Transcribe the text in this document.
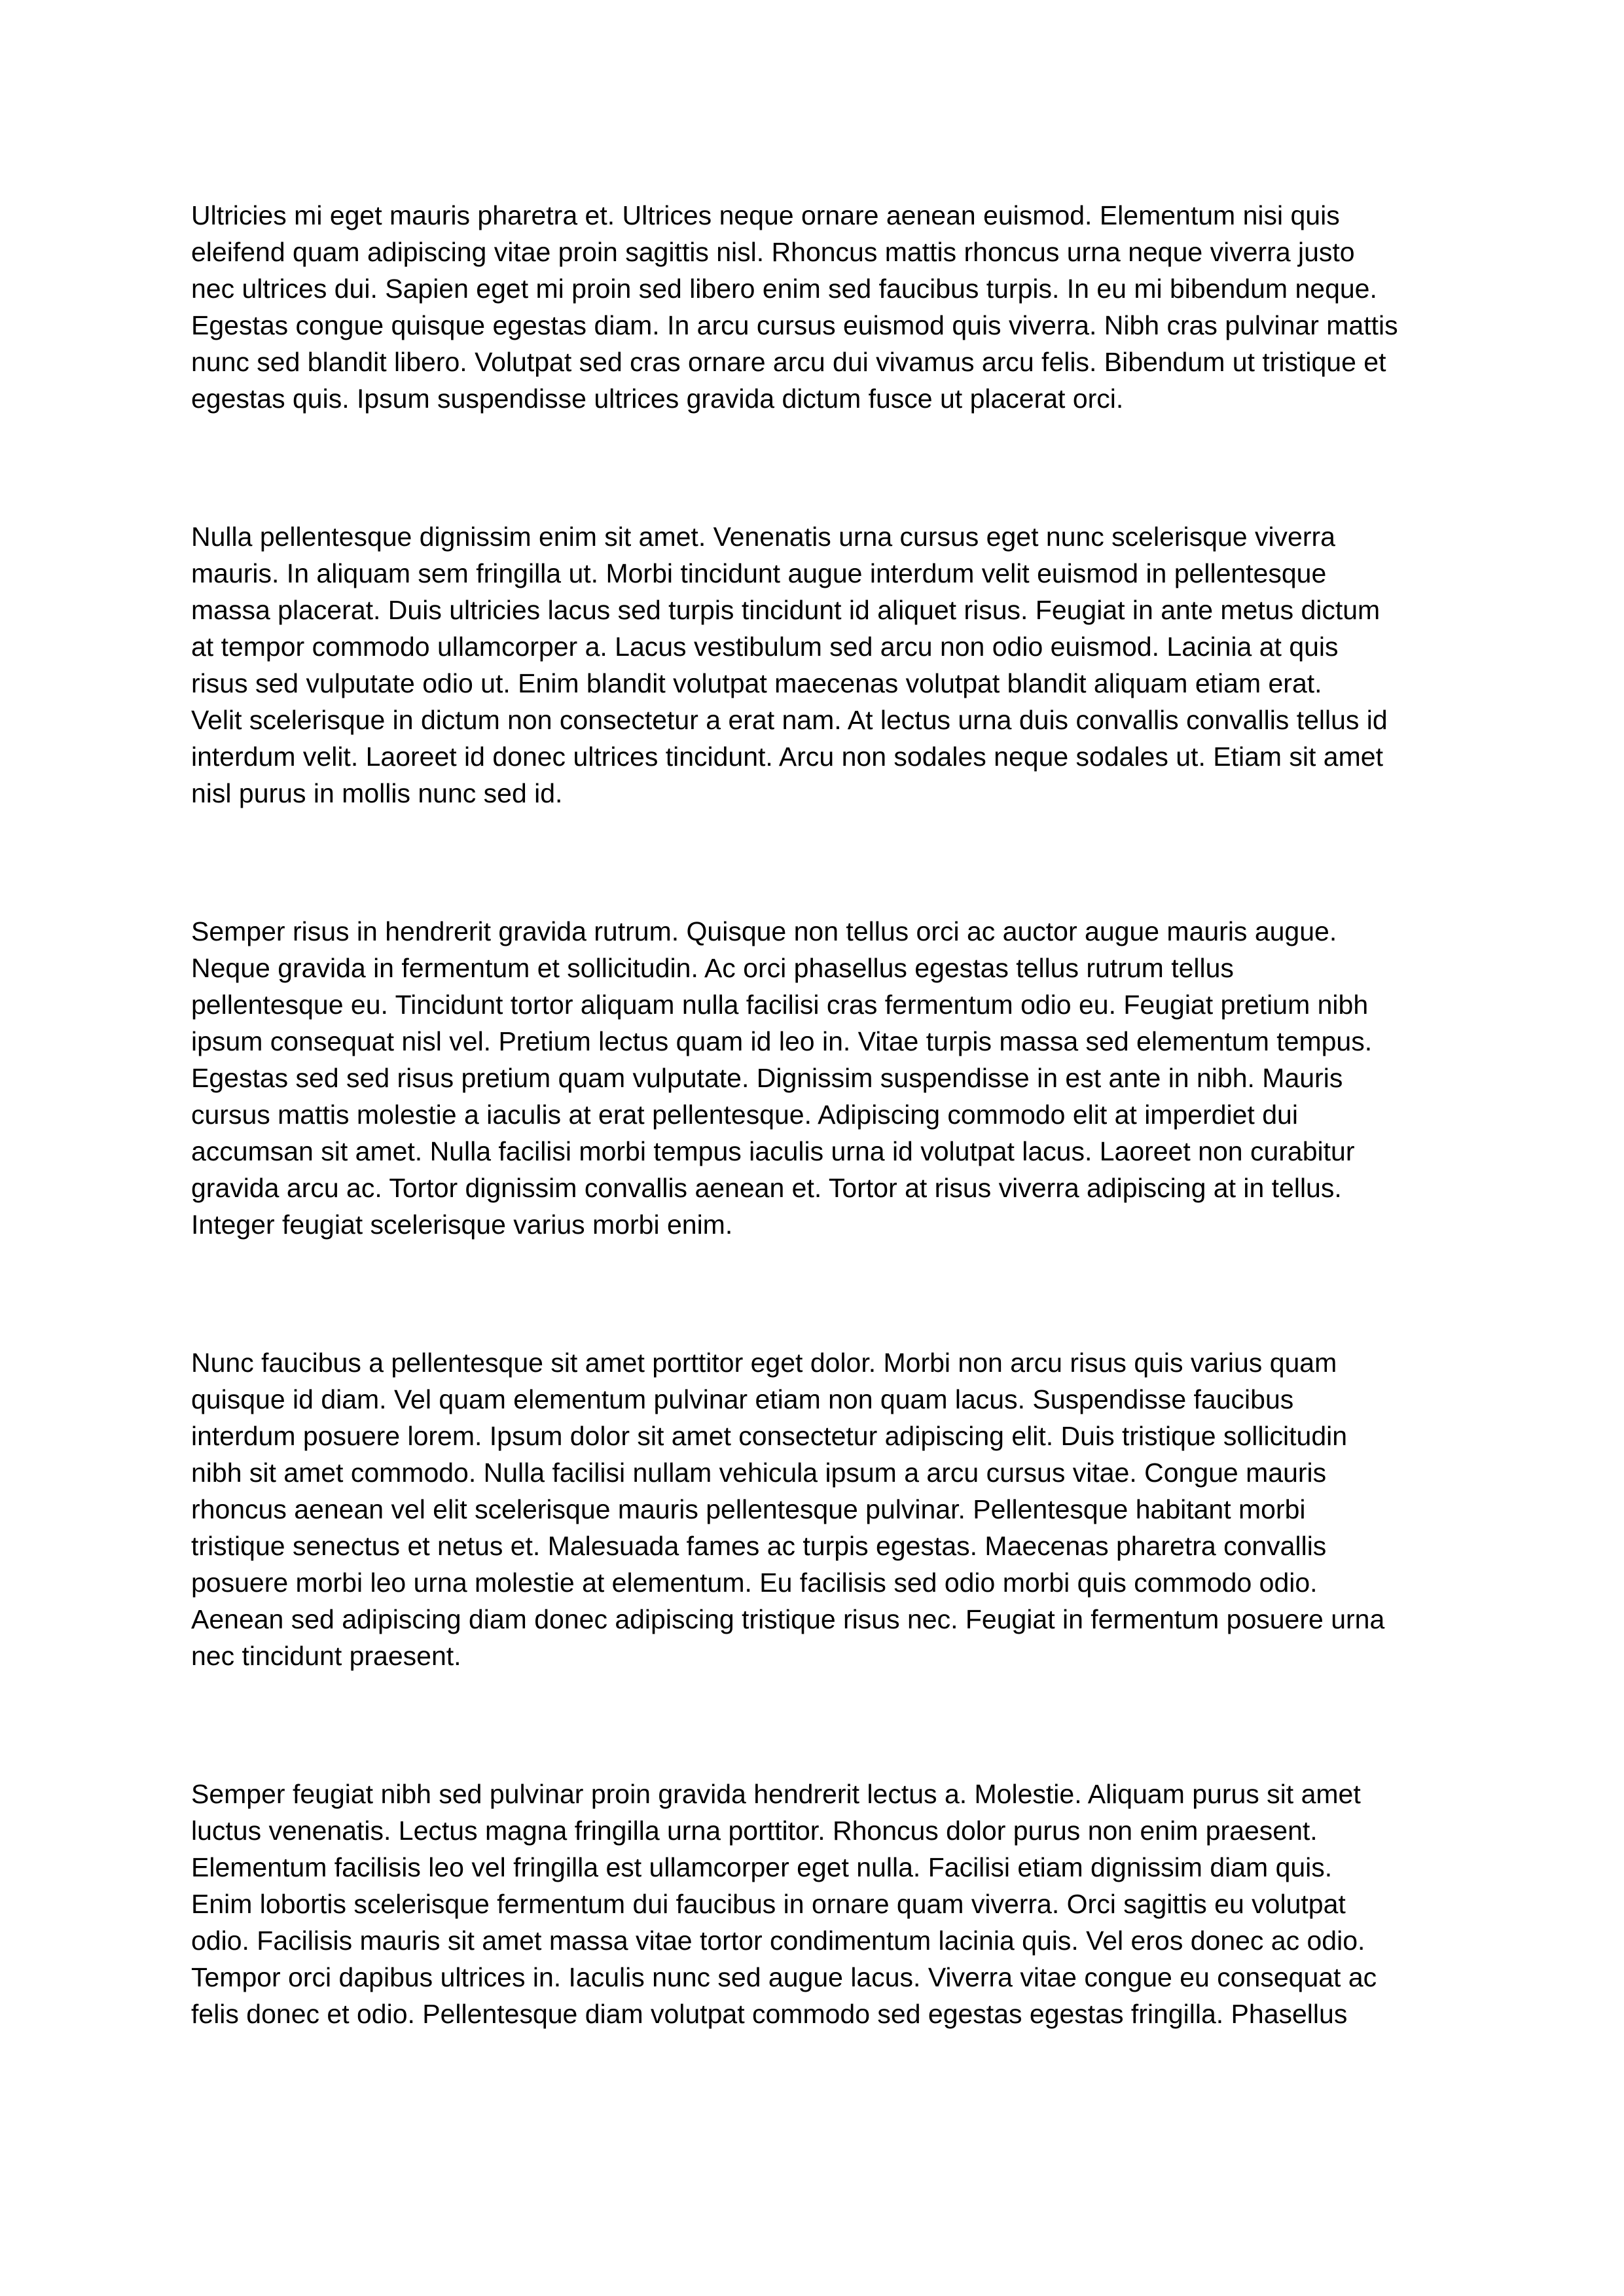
Ultricies mi eget mauris pharetra et. Ultrices neque ornare aenean euismod. Elementum nisi quis
eleifend quam adipiscing vitae proin sagittis nisl. Rhoncus mattis rhoncus urna neque viverra justo
nec ultrices dui. Sapien eget mi proin sed libero enim sed faucibus turpis. In eu mi bibendum neque.
Egestas congue quisque egestas diam. In arcu cursus euismod quis viverra. Nibh cras pulvinar mattis
nunc sed blandit libero. Volutpat sed cras ornare arcu dui vivamus arcu felis. Bibendum ut tristique et
egestas quis. Ipsum suspendisse ultrices gravida dictum fusce ut placerat orci.
Nulla pellentesque dignissim enim sit amet. Venenatis urna cursus eget nunc scelerisque viverra
mauris. In aliquam sem fringilla ut. Morbi tincidunt augue interdum velit euismod in pellentesque
massa placerat. Duis ultricies lacus sed turpis tincidunt id aliquet risus. Feugiat in ante metus dictum
at tempor commodo ullamcorper a. Lacus vestibulum sed arcu non odio euismod. Lacinia at quis
risus sed vulputate odio ut. Enim blandit volutpat maecenas volutpat blandit aliquam etiam erat.
Velit scelerisque in dictum non consectetur a erat nam. At lectus urna duis convallis convallis tellus id
interdum velit. Laoreet id donec ultrices tincidunt. Arcu non sodales neque sodales ut. Etiam sit amet
nisl purus in mollis nunc sed id.
Semper risus in hendrerit gravida rutrum. Quisque non tellus orci ac auctor augue mauris augue.
Neque gravida in fermentum et sollicitudin. Ac orci phasellus egestas tellus rutrum tellus
pellentesque eu. Tincidunt tortor aliquam nulla facilisi cras fermentum odio eu. Feugiat pretium nibh
ipsum consequat nisl vel. Pretium lectus quam id leo in. Vitae turpis massa sed elementum tempus.
Egestas sed sed risus pretium quam vulputate. Dignissim suspendisse in est ante in nibh. Mauris
cursus mattis molestie a iaculis at erat pellentesque. Adipiscing commodo elit at imperdiet dui
accumsan sit amet. Nulla facilisi morbi tempus iaculis urna id volutpat lacus. Laoreet non curabitur
gravida arcu ac. Tortor dignissim convallis aenean et. Tortor at risus viverra adipiscing at in tellus.
Integer feugiat scelerisque varius morbi enim.
Nunc faucibus a pellentesque sit amet porttitor eget dolor. Morbi non arcu risus quis varius quam
quisque id diam. Vel quam elementum pulvinar etiam non quam lacus. Suspendisse faucibus
interdum posuere lorem. Ipsum dolor sit amet consectetur adipiscing elit. Duis tristique sollicitudin
nibh sit amet commodo. Nulla facilisi nullam vehicula ipsum a arcu cursus vitae. Congue mauris
rhoncus aenean vel elit scelerisque mauris pellentesque pulvinar. Pellentesque habitant morbi
tristique senectus et netus et. Malesuada fames ac turpis egestas. Maecenas pharetra convallis
posuere morbi leo urna molestie at elementum. Eu facilisis sed odio morbi quis commodo odio.
Aenean sed adipiscing diam donec adipiscing tristique risus nec. Feugiat in fermentum posuere urna
nec tincidunt praesent.
Semper feugiat nibh sed pulvinar proin gravida hendrerit lectus a. Molestie. Aliquam purus sit amet
luctus venenatis. Lectus magna fringilla urna porttitor. Rhoncus dolor purus non enim praesent.
Elementum facilisis leo vel fringilla est ullamcorper eget nulla. Facilisi etiam dignissim diam quis.
Enim lobortis scelerisque fermentum dui faucibus in ornare quam viverra. Orci sagittis eu volutpat
odio. Facilisis mauris sit amet massa vitae tortor condimentum lacinia quis. Vel eros donec ac odio.
Tempor orci dapibus ultrices in. Iaculis nunc sed augue lacus. Viverra vitae congue eu consequat ac
felis donec et odio. Pellentesque diam volutpat commodo sed egestas egestas fringilla. Phasellus
